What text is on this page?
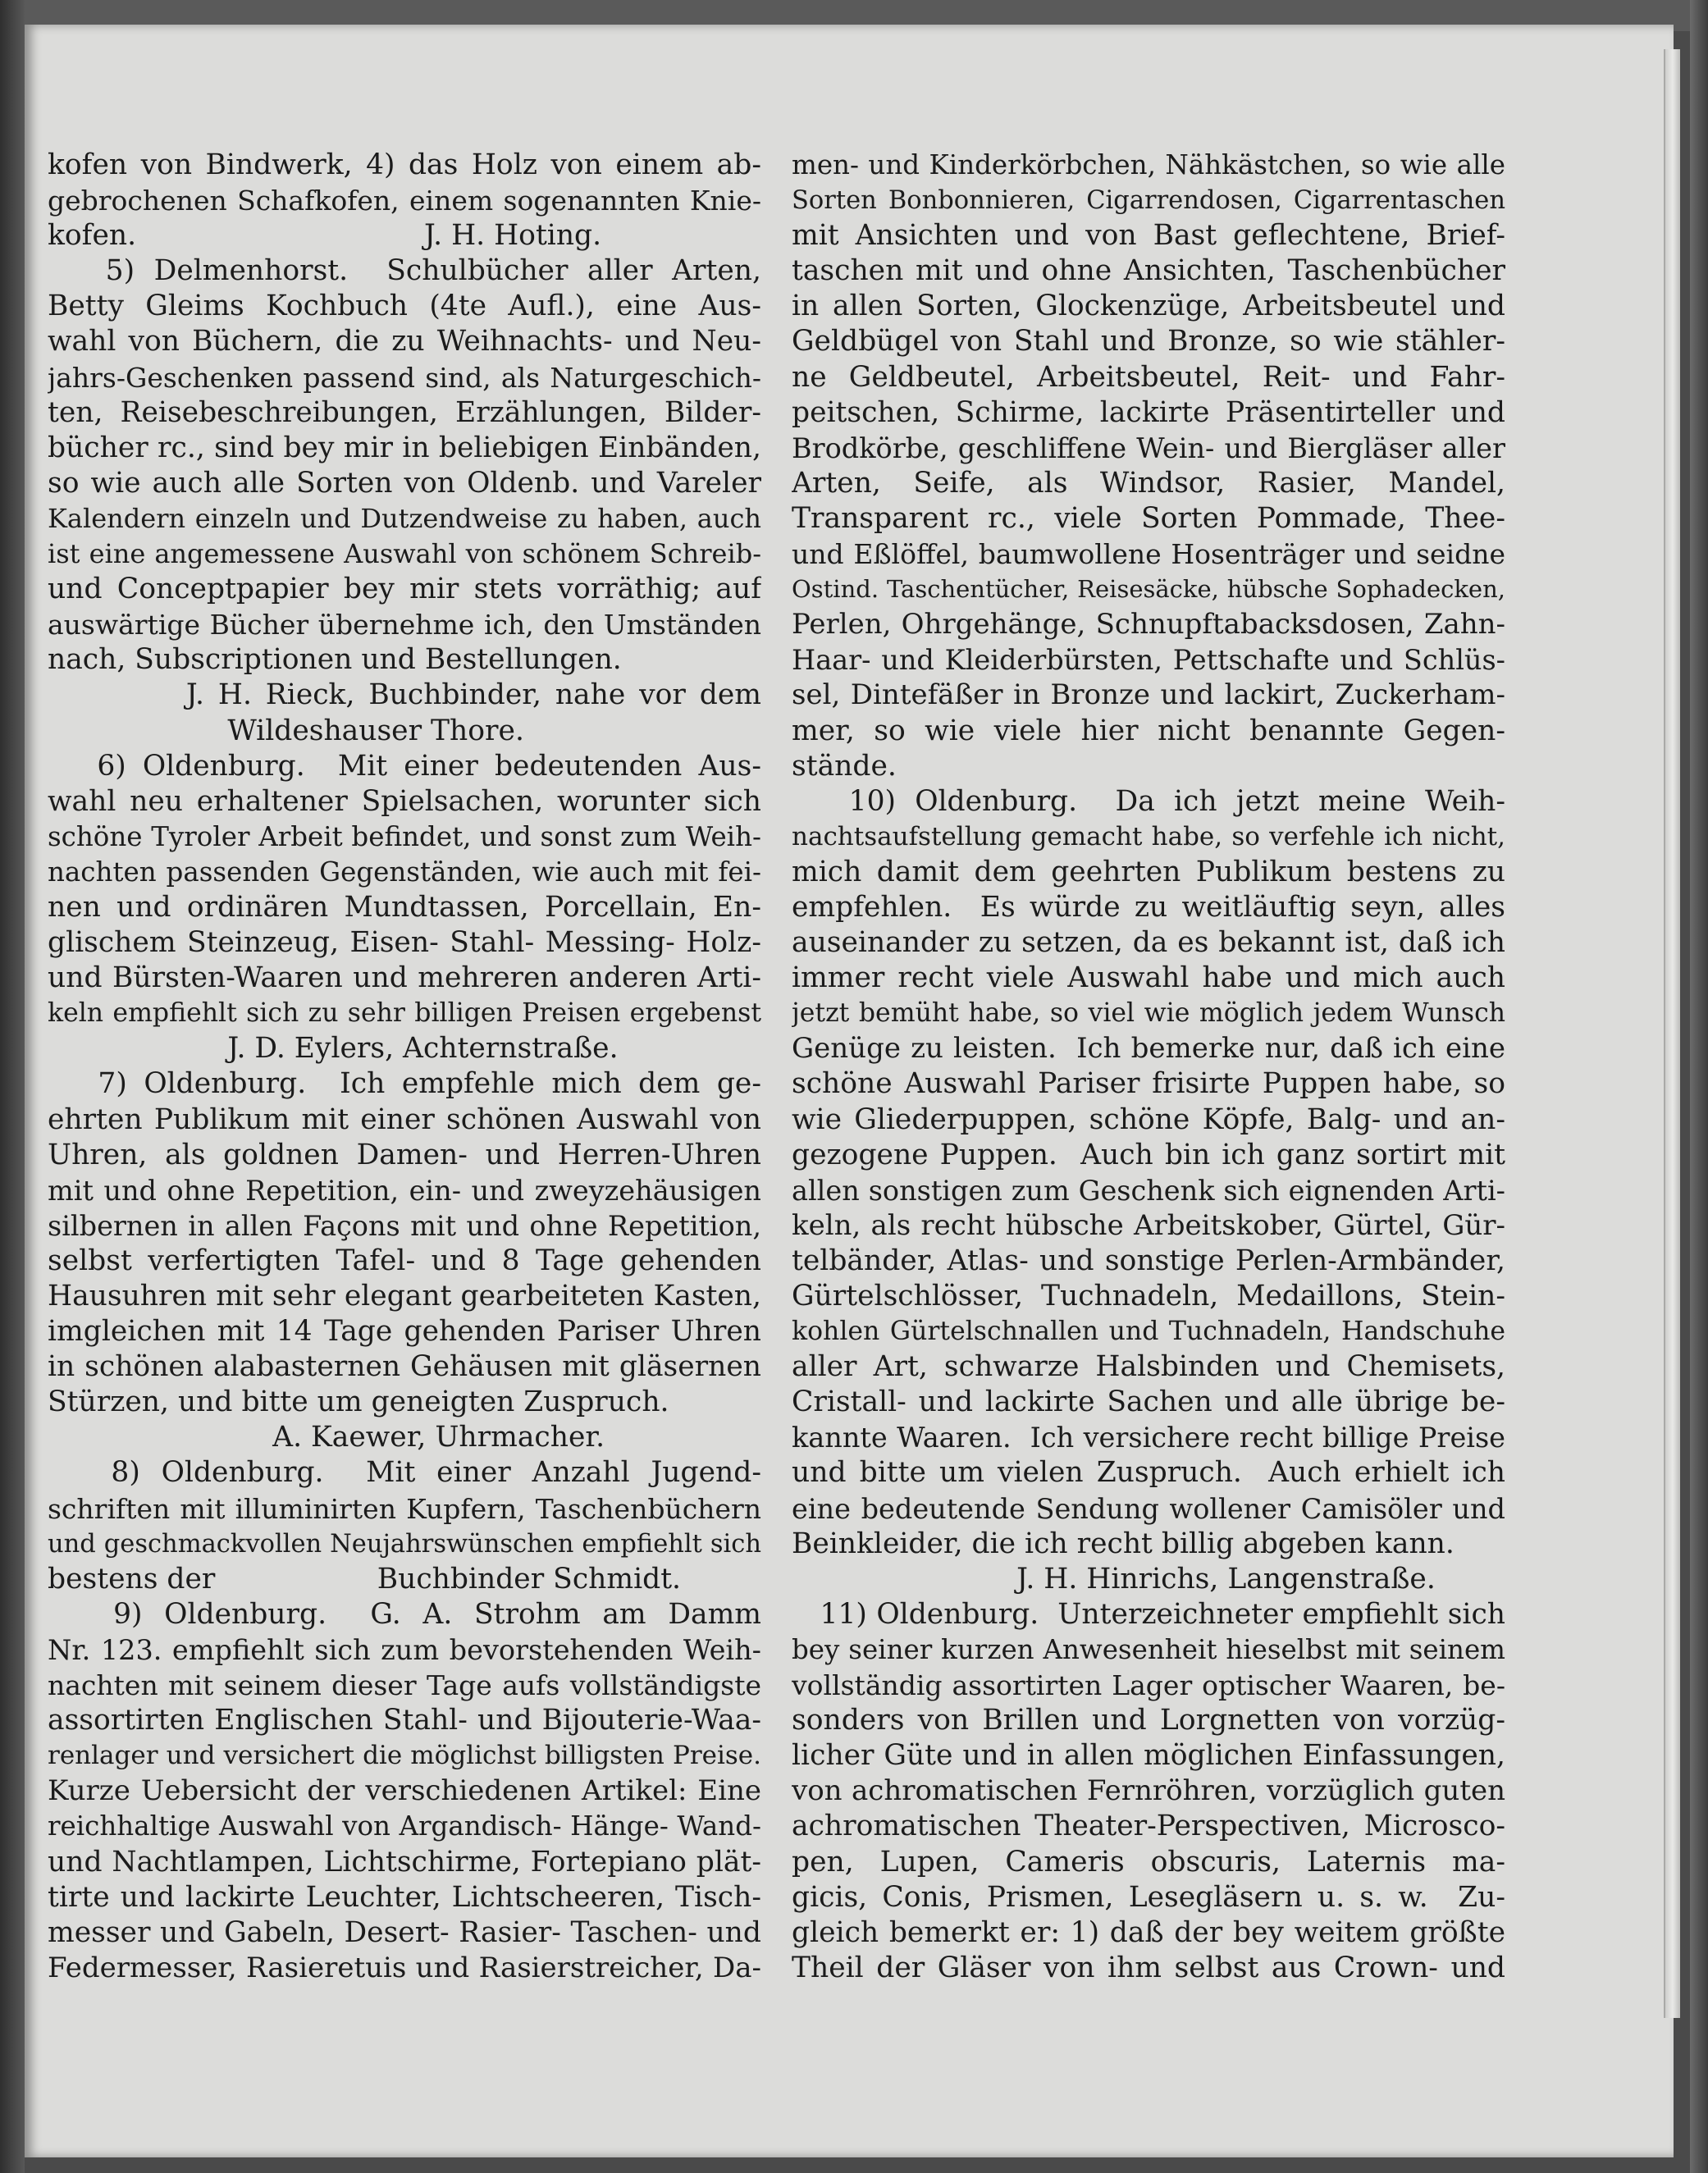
kofen von Bindwerk, 4) das Holz von einem ab-
gebrochenen Schafkofen, einem sogenannten Knie-
kofen.                                J. H. Hoting.
5) Delmenhorst.  Schulbücher aller Arten,
Betty Gleims Kochbuch (4te Aufl.), eine Aus-
wahl von Büchern, die zu Weihnachts- und Neu-
jahrs-Geschenken passend sind, als Naturgeschich-
ten, Reisebeschreibungen, Erzählungen, Bilder-
bücher rc., sind bey mir in beliebigen Einbänden,
so wie auch alle Sorten von Oldenb. und Vareler
Kalendern einzeln und Dutzendweise zu haben, auch
ist eine angemessene Auswahl von schönem Schreib-
und Conceptpapier bey mir stets vorräthig; auf
auswärtige Bücher übernehme ich, den Umständen
nach, Subscriptionen und Bestellungen.
J. H. Rieck, Buchbinder, nahe vor dem
Wildeshauser Thore.
6) Oldenburg.  Mit einer bedeutenden Aus-
wahl neu erhaltener Spielsachen, worunter sich
schöne Tyroler Arbeit befindet, und sonst zum Weih-
nachten passenden Gegenständen, wie auch mit fei-
nen und ordinären Mundtassen, Porcellain, En-
glischem Steinzeug, Eisen- Stahl- Messing- Holz-
und Bürsten-Waaren und mehreren anderen Arti-
keln empfiehlt sich zu sehr billigen Preisen ergebenst
J. D. Eylers, Achternstraße.
7) Oldenburg.  Ich empfehle mich dem ge-
ehrten Publikum mit einer schönen Auswahl von
Uhren, als goldnen Damen- und Herren-Uhren
mit und ohne Repetition, ein- und zweyzehäusigen
silbernen in allen Façons mit und ohne Repetition,
selbst verfertigten Tafel- und 8 Tage gehenden
Hausuhren mit sehr elegant gearbeiteten Kasten,
imgleichen mit 14 Tage gehenden Pariser Uhren
in schönen alabasternen Gehäusen mit gläsernen
Stürzen, und bitte um geneigten Zuspruch.
A. Kaewer, Uhrmacher.
8) Oldenburg.  Mit einer Anzahl Jugend-
schriften mit illuminirten Kupfern, Taschenbüchern
und geschmackvollen Neujahrswünschen empfiehlt sich
bestens der                  Buchbinder Schmidt.
9) Oldenburg.  G. A. Strohm am Damm
Nr. 123. empfiehlt sich zum bevorstehenden Weih-
nachten mit seinem dieser Tage aufs vollständigste
assortirten Englischen Stahl- und Bijouterie-Waa-
renlager und versichert die möglichst billigsten Preise.
Kurze Uebersicht der verschiedenen Artikel: Eine
reichhaltige Auswahl von Argandisch- Hänge- Wand-
und Nachtlampen, Lichtschirme, Fortepiano plät-
tirte und lackirte Leuchter, Lichtscheeren, Tisch-
messer und Gabeln, Desert- Rasier- Taschen- und
Federmesser, Rasieretuis und Rasierstreicher, Da-
men- und Kinderkörbchen, Nähkästchen, so wie alle
Sorten Bonbonnieren, Cigarrendosen, Cigarrentaschen
mit Ansichten und von Bast geflechtene, Brief-
taschen mit und ohne Ansichten, Taschenbücher
in allen Sorten, Glockenzüge, Arbeitsbeutel und
Geldbügel von Stahl und Bronze, so wie stähler-
ne Geldbeutel, Arbeitsbeutel, Reit- und Fahr-
peitschen, Schirme, lackirte Präsentirteller und
Brodkörbe, geschliffene Wein- und Biergläser aller
Arten, Seife, als Windsor, Rasier, Mandel,
Transparent rc., viele Sorten Pommade, Thee-
und Eßlöffel, baumwollene Hosenträger und seidne
Ostind. Taschentücher, Reisesäcke, hübsche Sophadecken,
Perlen, Ohrgehänge, Schnupftabacksdosen, Zahn-
Haar- und Kleiderbürsten, Pettschafte und Schlüs-
sel, Dintefäßer in Bronze und lackirt, Zuckerham-
mer, so wie viele hier nicht benannte Gegen-
stände.
10) Oldenburg.  Da ich jetzt meine Weih-
nachtsaufstellung gemacht habe, so verfehle ich nicht,
mich damit dem geehrten Publikum bestens zu
empfehlen.  Es würde zu weitläuftig seyn, alles
auseinander zu setzen, da es bekannt ist, daß ich
immer recht viele Auswahl habe und mich auch
jetzt bemüht habe, so viel wie möglich jedem Wunsch
Genüge zu leisten.  Ich bemerke nur, daß ich eine
schöne Auswahl Pariser frisirte Puppen habe, so
wie Gliederpuppen, schöne Köpfe, Balg- und an-
gezogene Puppen.  Auch bin ich ganz sortirt mit
allen sonstigen zum Geschenk sich eignenden Arti-
keln, als recht hübsche Arbeitskober, Gürtel, Gür-
telbänder, Atlas- und sonstige Perlen-Armbänder,
Gürtelschlösser, Tuchnadeln, Medaillons, Stein-
kohlen Gürtelschnallen und Tuchnadeln, Handschuhe
aller Art, schwarze Halsbinden und Chemisets,
Cristall- und lackirte Sachen und alle übrige be-
kannte Waaren.  Ich versichere recht billige Preise
und bitte um vielen Zuspruch.  Auch erhielt ich
eine bedeutende Sendung wollener Camisöler und
Beinkleider, die ich recht billig abgeben kann.
J. H. Hinrichs, Langenstraße.
11) Oldenburg.  Unterzeichneter empfiehlt sich
bey seiner kurzen Anwesenheit hieselbst mit seinem
vollständig assortirten Lager optischer Waaren, be-
sonders von Brillen und Lorgnetten von vorzüg-
licher Güte und in allen möglichen Einfassungen,
von achromatischen Fernröhren, vorzüglich guten
achromatischen Theater-Perspectiven, Microsco-
pen, Lupen, Cameris obscuris, Laternis ma-
gicis, Conis, Prismen, Lesegläsern u. s. w.  Zu-
gleich bemerkt er: 1) daß der bey weitem größte
Theil der Gläser von ihm selbst aus Crown- und
